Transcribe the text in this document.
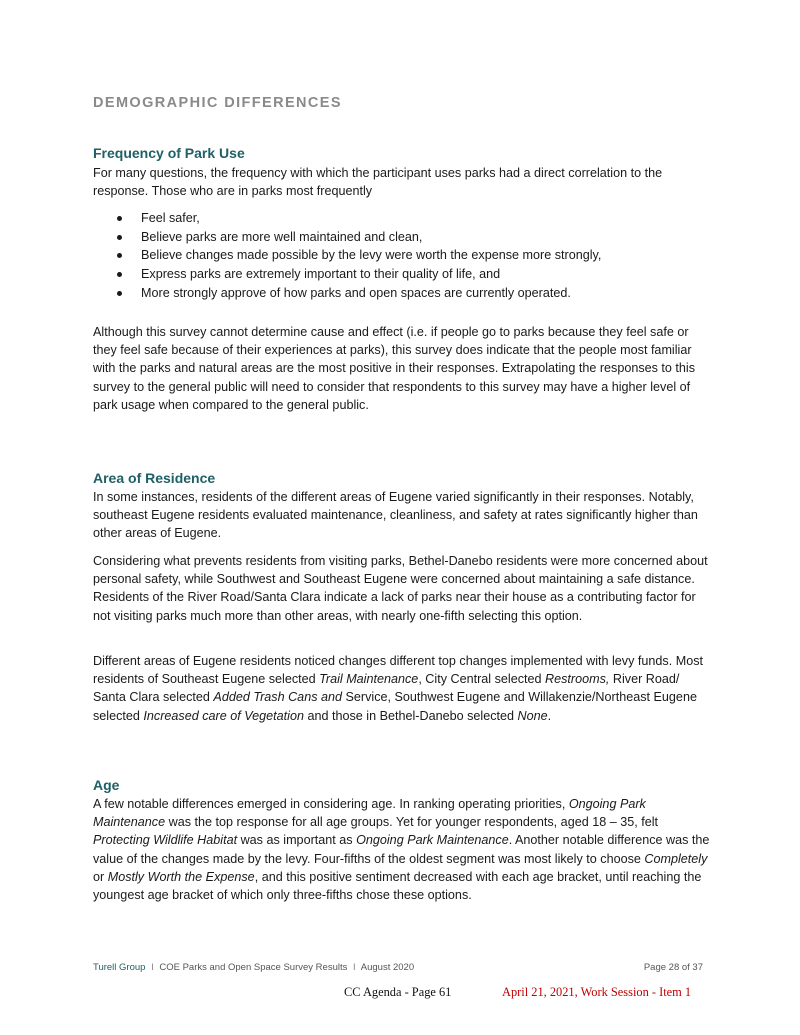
DEMOGRAPHIC DIFFERENCES
Frequency of Park Use

For many questions, the frequency with which the participant uses parks had a direct correlation to the response. Those who are in parks most frequently

Feel safer,
Believe parks are more well maintained and clean,
Believe changes made possible by the levy were worth the expense more strongly,
Express parks are extremely important to their quality of life, and
More strongly approve of how parks and open spaces are currently operated.

Although this survey cannot determine cause and effect (i.e. if people go to parks because they feel safe or they feel safe because of their experiences at parks), this survey does indicate that the people most familiar with the parks and natural areas are the most positive in their responses. Extrapolating the responses to this survey to the general public will need to consider that respondents to this survey may have a higher level of park usage when compared to the general public.

Area of Residence

In some instances, residents of the different areas of Eugene varied significantly in their responses. Notably, southeast Eugene residents evaluated maintenance, cleanliness, and safety at rates significantly higher than other areas of Eugene.

Considering what prevents residents from visiting parks, Bethel-Danebo residents were more concerned about personal safety, while Southwest and Southeast Eugene were concerned about maintaining a safe distance. Residents of the River Road/Santa Clara indicate a lack of parks near their house as a contributing factor for not visiting parks much more than other areas, with nearly one-fifth selecting this option.

Different areas of Eugene residents noticed changes different top changes implemented with levy funds. Most residents of Southeast Eugene selected Trail Maintenance, City Central selected Restrooms, River Road/ Santa Clara selected Added Trash Cans and Service, Southwest Eugene and Willakenzie/Northeast Eugene selected Increased care of Vegetation and those in Bethel-Danebo selected None.

Age

A few notable differences emerged in considering age. In ranking operating priorities, Ongoing Park Maintenance was the top response for all age groups. Yet for younger respondents, aged 18 – 35, felt Protecting Wildlife Habitat was as important as Ongoing Park Maintenance. Another notable difference was the value of the changes made by the levy. Four-fifths of the oldest segment was most likely to choose Completely or Mostly Worth the Expense, and this positive sentiment decreased with each age bracket, until reaching the youngest age bracket of which only three-fifths chose these options.

Turell Group I COE Parks and Open Space Survey Results I August 2020	Page 28 of 37
CC Agenda - Page 61	April 21, 2021, Work Session - Item 1
